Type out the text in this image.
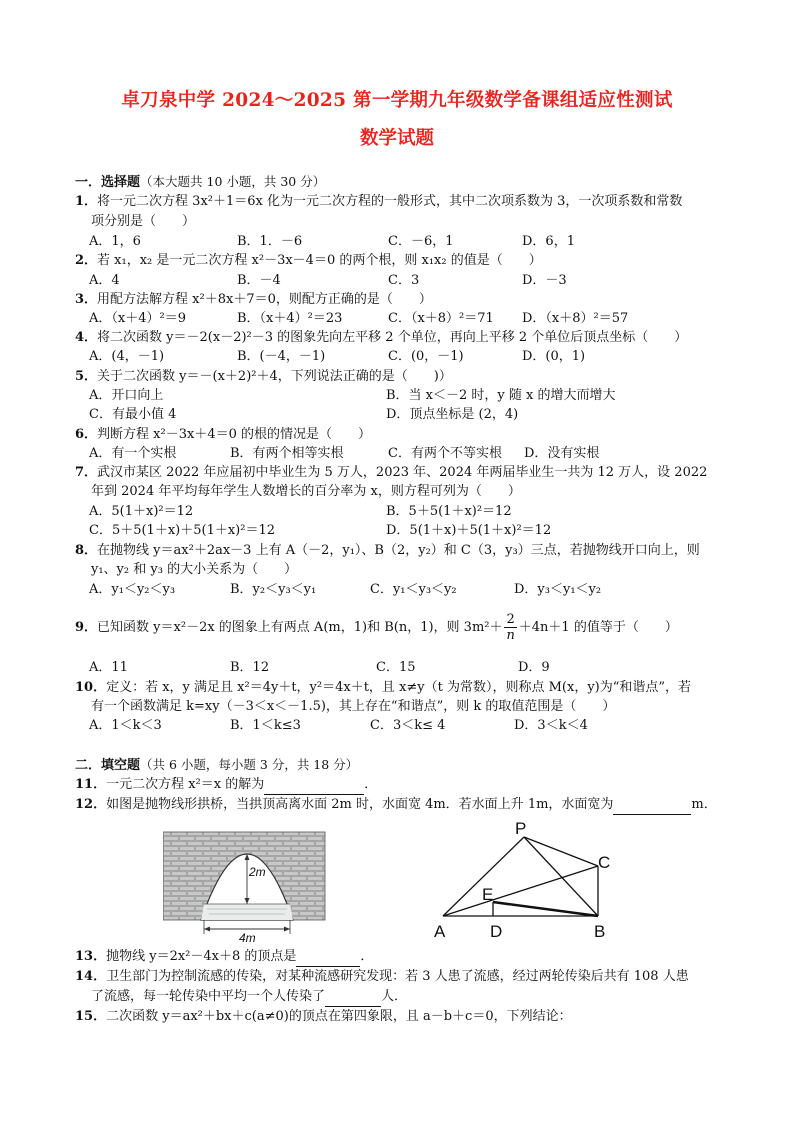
卓刀泉中学 2024～2025 第一学期九年级数学备课组适应性测试
数学试题
一．选择题（本大题共 10 小题，共 30 分）
1．将一元二次方程 3x²＋1＝6x 化为一元二次方程的一般形式，其中二次项系数为 3，一次项系数和常数
项分别是（　　）
A．1，6	B．1．－6	C．－6，1	D．6，1
2．若 x₁，x₂ 是一元二次方程 x²－3x－4＝0 的两个根，则 x₁x₂ 的值是（　　）
A．4	B．－4	C．3	D．－3
3．用配方法解方程 x²＋8x＋7＝0，则配方正确的是（　　）
A．（x＋4）²＝9	B．（x＋4）²＝23	C．（x＋8）²＝71 D．（x＋8）²＝57
4．将二次函数 y＝－2(x－2)²－3 的图象先向左平移 2 个单位，再向上平移 2 个单位后顶点坐标（　　）
A．(4，－1)	B．(－4，－1)	C．(0，－1)	D．(0，1)
5．关于二次函数 y＝－(x＋2)²＋4，下列说法正确的是（　　)）
A．开口向上	B．当 x＜－2 时，y 随 x 的增大而增大
C．有最小值 4	D．顶点坐标是 (2，4)
6．判断方程 x²－3x＋4＝0 的根的情况是（　　）
A．有一个实根	B．有两个相等实根	C．有两个不等实根 D．没有实根
7．武汉市某区 2022 年应届初中毕业生为 5 万人，2023 年、2024 年两届毕业生一共为 12 万人，设 2022
年到 2024 年平均每年学生人数增长的百分率为 x，则方程可列为（　　）
A．5(1＋x)²＝12	B．5＋5(1＋x)²＝12
C．5＋5(1＋x)＋5(1＋x)²＝12	D．5(1＋x)＋5(1＋x)²＝12
8．在抛物线 y＝ax²＋2ax－3 上有 A（－2，y₁）、B（2，y₂）和 C（3，y₃）三点，若抛物线开口向上，则
y₁、y₂ 和 y₃ 的大小关系为（　　）
A．y₁＜y₂＜y₃	B．y₂＜y₃＜y₁	C．y₁＜y₃＜y₂	D．y₃＜y₁＜y₂
9．已知函数 y＝x²－2x 的图象上有两点 A(m，1)和 B(n，1)，则 $3m^2+ \frac{2}{n} +4n+1$ 的值等于（　　）
A．11	B．12	C．15	D．9
10．定义：若 x，y 满足且 x²＝4y＋t，y²＝4x＋t，且 x≠y（t 为常数），则称点 M(x，y)为“和谐点”，若
有一个函数满足 k=xy（－3＜x＜－1.5)，其上存在“和谐点”，则 k 的取值范围是（　　）
A．1＜k＜3	B．1＜k≤3	C．3＜k≤ 4	D．3＜k＜4
二．填空题（共 6 小题，每小题 3 分，共 18 分）
11．一元二次方程 x²＝x 的解为	．
12．如图是抛物线形拱桥，当拱顶高离水面 2m 时，水面宽 4m．若水面上升 1m，水面宽为	m．
2m
4m
P
C
E
A	D	B
13．抛物线 y＝2x²－4x＋8 的顶点是	．
14．卫生部门为控制流感的传染，对某种流感研究发现：若 3 人患了流感，经过两轮传染后共有 108 人患
了流感，每一轮传染中平均一个人传染了	人．
15．二次函数 y＝ax²＋bx＋c(a≠0)的顶点在第四象限，且 a－b＋c＝0，下列结论：
